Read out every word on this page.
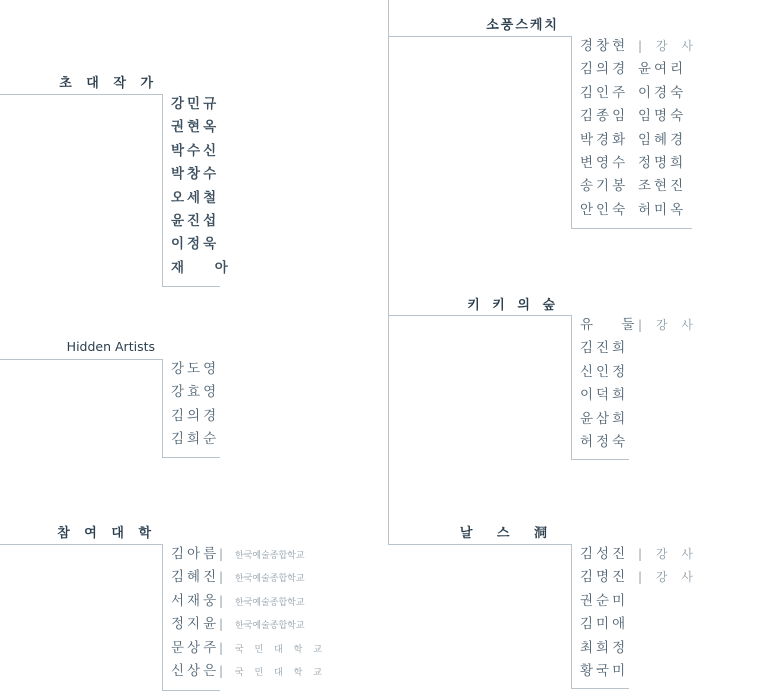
초 대 작 가
강민규
권현옥
박수신
박창수
오세철
윤진섭
이정욱
재 아
Hidden Artists
강도영
강효영
김의경
김희순
참 여 대 학
김아름| 한국예술종합학교
김혜진| 한국예술종합학교
서재웅| 한국예술종합학교
정지윤| 한국예술종합학교
문상주| 국 민 대 학 교
신상은| 국 민 대 학 교
소풍스케치
경창현 | 강 사
김의경 윤여리
김인주 이경숙
김종임 임명숙
박경화 임혜경
변영수 정명희
송기봉 조현진
안인숙 허미옥
키 키 의 숲
유 둘| 강 사
김진희
신인정
이덕희
윤삼희
허정숙
날 스 洞
김성진 | 강 사
김명진 | 강 사
권순미
김미애
최희정
황국미
